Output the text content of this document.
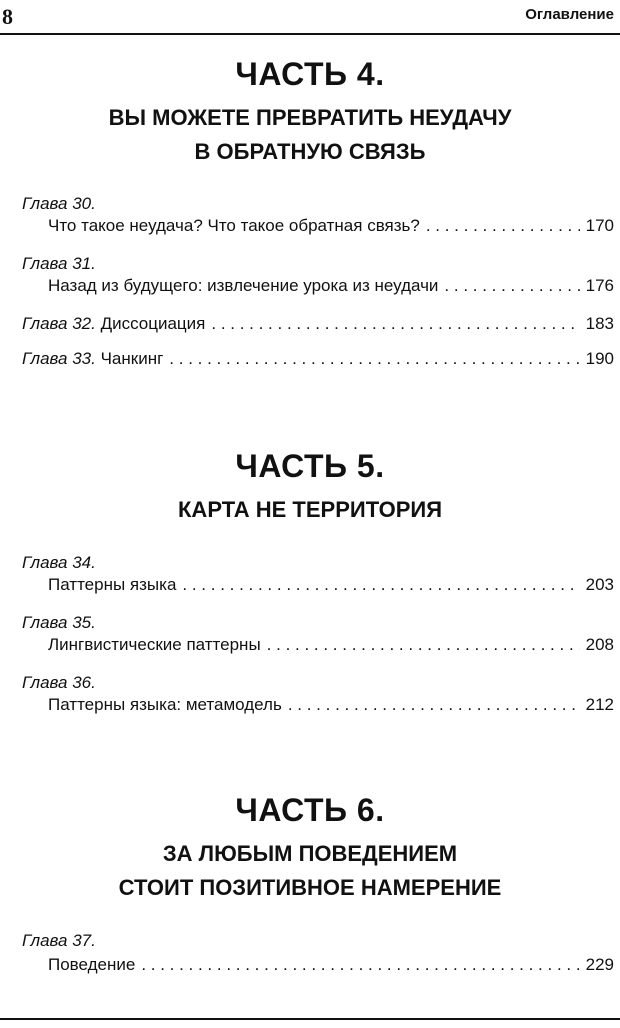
8	Оглавление
ЧАСТЬ 4.
ВЫ МОЖЕТЕ ПРЕВРАТИТЬ НЕУДАЧУ
В ОБРАТНУЮ СВЯЗЬ
Глава 30.
Что такое неудача? Что такое обратная связь? . . .	170
Глава 31.
Назад из будущего: извлечение урока из неудачи . . .	176
Глава 32. Диссоциация . . .	183
Глава 33. Чанкинг . . .	190
ЧАСТЬ 5.
КАРТА НЕ ТЕРРИТОРИЯ
Глава 34.
Паттерны языка . . .	203
Глава 35.
Лингвистические паттерны . . .	208
Глава 36.
Паттерны языка: метамодель . . .	212
ЧАСТЬ 6.
ЗА ЛЮБЫМ ПОВЕДЕНИЕМ
СТОИТ ПОЗИТИВНОЕ НАМЕРЕНИЕ
Глава 37.
Поведение . . .	229
